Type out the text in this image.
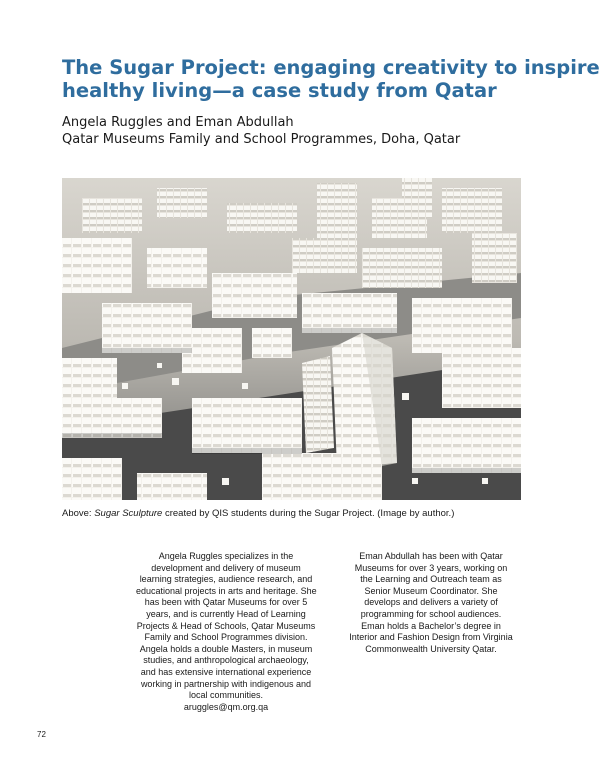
The Sugar Project: engaging creativity to inspire
healthy living—a case study from Qatar
Angela Ruggles and Eman Abdullah
Qatar Museums Family and School Programmes, Doha, Qatar
Above: Sugar Sculpture created by QIS students during the Sugar Project. (Image by author.)
Angela Ruggles specializes in the
development and delivery of museum
learning strategies, audience research, and
educational projects in arts and heritage. She
has been with Qatar Museums for over 5
years, and is currently Head of Learning
Projects & Head of Schools, Qatar Museums
Family and School Programmes division.
Angela holds a double Masters, in museum
studies, and anthropological archaeology,
and has extensive international experience
working in partnership with indigenous and
local communities.
aruggles@qm.org.qa
Eman Abdullah has been with Qatar
Museums for over 3 years, working on
the Learning and Outreach team as
Senior Museum Coordinator. She
develops and delivers a variety of
programming for school audiences.
Eman holds a Bachelor’s degree in
Interior and Fashion Design from Virginia
Commonwealth University Qatar.
72
